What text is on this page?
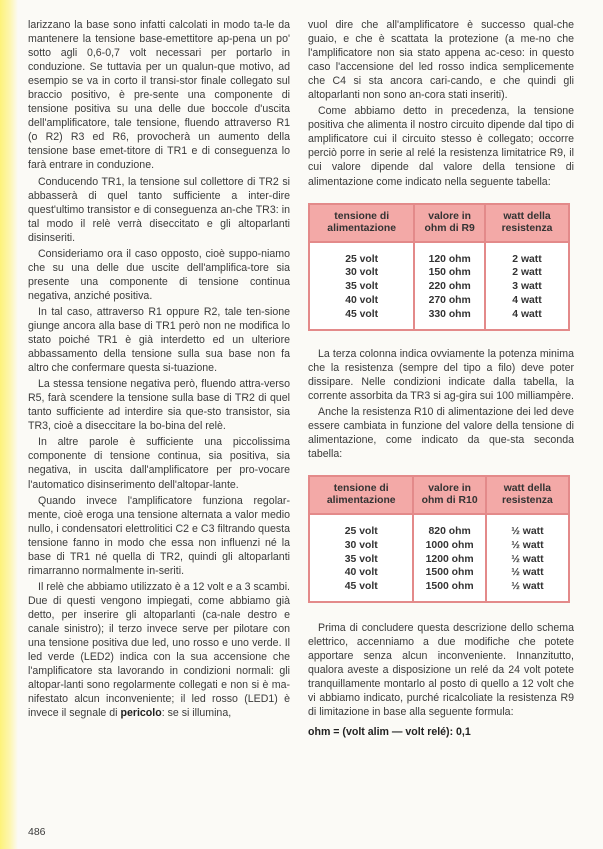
larizzano la base sono infatti calcolati in modo ta-le da mantenere la tensione base-emettitore ap-pena un po' sotto agli 0,6-0,7 volt necessari per portarlo in conduzione. Se tuttavia per un qualun-que motivo, ad esempio se va in corto il transi-stor finale collegato sul braccio positivo, è pre-sente una componente di tensione positiva su una delle due boccole d'uscita dell'amplificatore, tale tensione, fluendo attraverso R1 (o R2) R3 ed R6, provocherà un aumento della tensione base emet-titore di TR1 e di conseguenza lo farà entrare in conduzione.

Conducendo TR1, la tensione sul collettore di TR2 si abbasserà di quel tanto sufficiente a inter-dire quest'ultimo transistor e di conseguenza an-che TR3: in tal modo il relè verrà diseccitato e gli altoparlanti disinseriti.

Consideriamo ora il caso opposto, cioè suppo-niamo che su una delle due uscite dell'amplifica-tore sia presente una componente di tensione continua negativa, anziché positiva.

In tal caso, attraverso R1 oppure R2, tale ten-sione giunge ancora alla base di TR1 però non ne modifica lo stato poiché TR1 è già interdetto ed un ulteriore abbassamento della tensione sulla sua base non fa altro che confermare questa si-tuazione.

La stessa tensione negativa però, fluendo attra-verso R5, farà scendere la tensione sulla base di TR2 di quel tanto sufficiente ad interdire sia que-sto transistor, sia TR3, cioè a diseccitare la bo-bina del relè.

In altre parole è sufficiente una piccolissima componente di tensione continua, sia positiva, sia negativa, in uscita dall'amplificatore per pro-vocare l'automatico disinserimento dell'altopar-lante.

Quando invece l'amplificatore funziona regolar-mente, cioè eroga una tensione alternata a valor medio nullo, i condensatori elettrolitici C2 e C3 filtrando questa tensione fanno in modo che essa non influenzi né la base di TR1 né quella di TR2, quindi gli altoparlanti rimarranno normalmente in-seriti.

Il relè che abbiamo utilizzato è a 12 volt e a 3 scambi. Due di questi vengono impiegati, come abbiamo già detto, per inserire gli altoparlanti (ca-nale destro e canale sinistro); il terzo invece serve per pilotare con una tensione positiva due led, uno rosso e uno verde. Il led verde (LED2) indica con la sua accensione che l'amplificatore sta lavorando in condizioni normali: gli altopar-lanti sono regolarmente collegati e non si è ma-nifestato alcun inconveniente; il led rosso (LED1) è invece il segnale di pericolo: se si illumina,

vuol dire che all'amplificatore è successo qual-che guaio, e che è scattata la protezione (a me-no che l'amplificatore non sia stato appena ac-ceso: in questo caso l'accensione del led rosso indica semplicemente che C4 si sta ancora cari-cando, e che quindi gli altoparlanti non sono an-cora stati inseriti).

Come abbiamo detto in precedenza, la tensione positiva che alimenta il nostro circuito dipende dal tipo di amplificatore cui il circuito stesso è collegato; occorre perciò porre in serie al relé la resistenza limitatrice R9, il cui valore dipende dal valore della tensione di alimentazione come indicato nella seguente tabella:

tensione di alimentazione	valore in ohm di R9	watt della resistenza
25 volt	120 ohm	2 watt
30 volt	150 ohm	2 watt
35 volt	220 ohm	3 watt
40 volt	270 ohm	4 watt
45 volt	330 ohm	4 watt

La terza colonna indica ovviamente la potenza minima che la resistenza (sempre del tipo a filo) deve poter dissipare. Nelle condizioni indicate dalla tabella, la corrente assorbita da TR3 si ag-gira sui 100 milliampère.

Anche la resistenza R10 di alimentazione dei led deve essere cambiata in funzione del valore della tensione di alimentazione, come indicato da que-sta seconda tabella:

tensione di alimentazione	valore in ohm di R10	watt della resistenza
25 volt	820 ohm	½ watt
30 volt	1000 ohm	½ watt
35 volt	1200 ohm	½ watt
40 volt	1500 ohm	½ watt
45 volt	1500 ohm	½ watt

Prima di concludere questa descrizione dello schema elettrico, accenniamo a due modifiche che potete apportare senza alcun inconveniente. Innanzitutto, qualora aveste a disposizione un relé da 24 volt potete tranquillamente montarlo al posto di quello a 12 volt che vi abbiamo indicato, purché ricalcoliate la resistenza R9 di limitazione in base alla seguente formula:

ohm = (volt alim — volt relé): 0,1

486
